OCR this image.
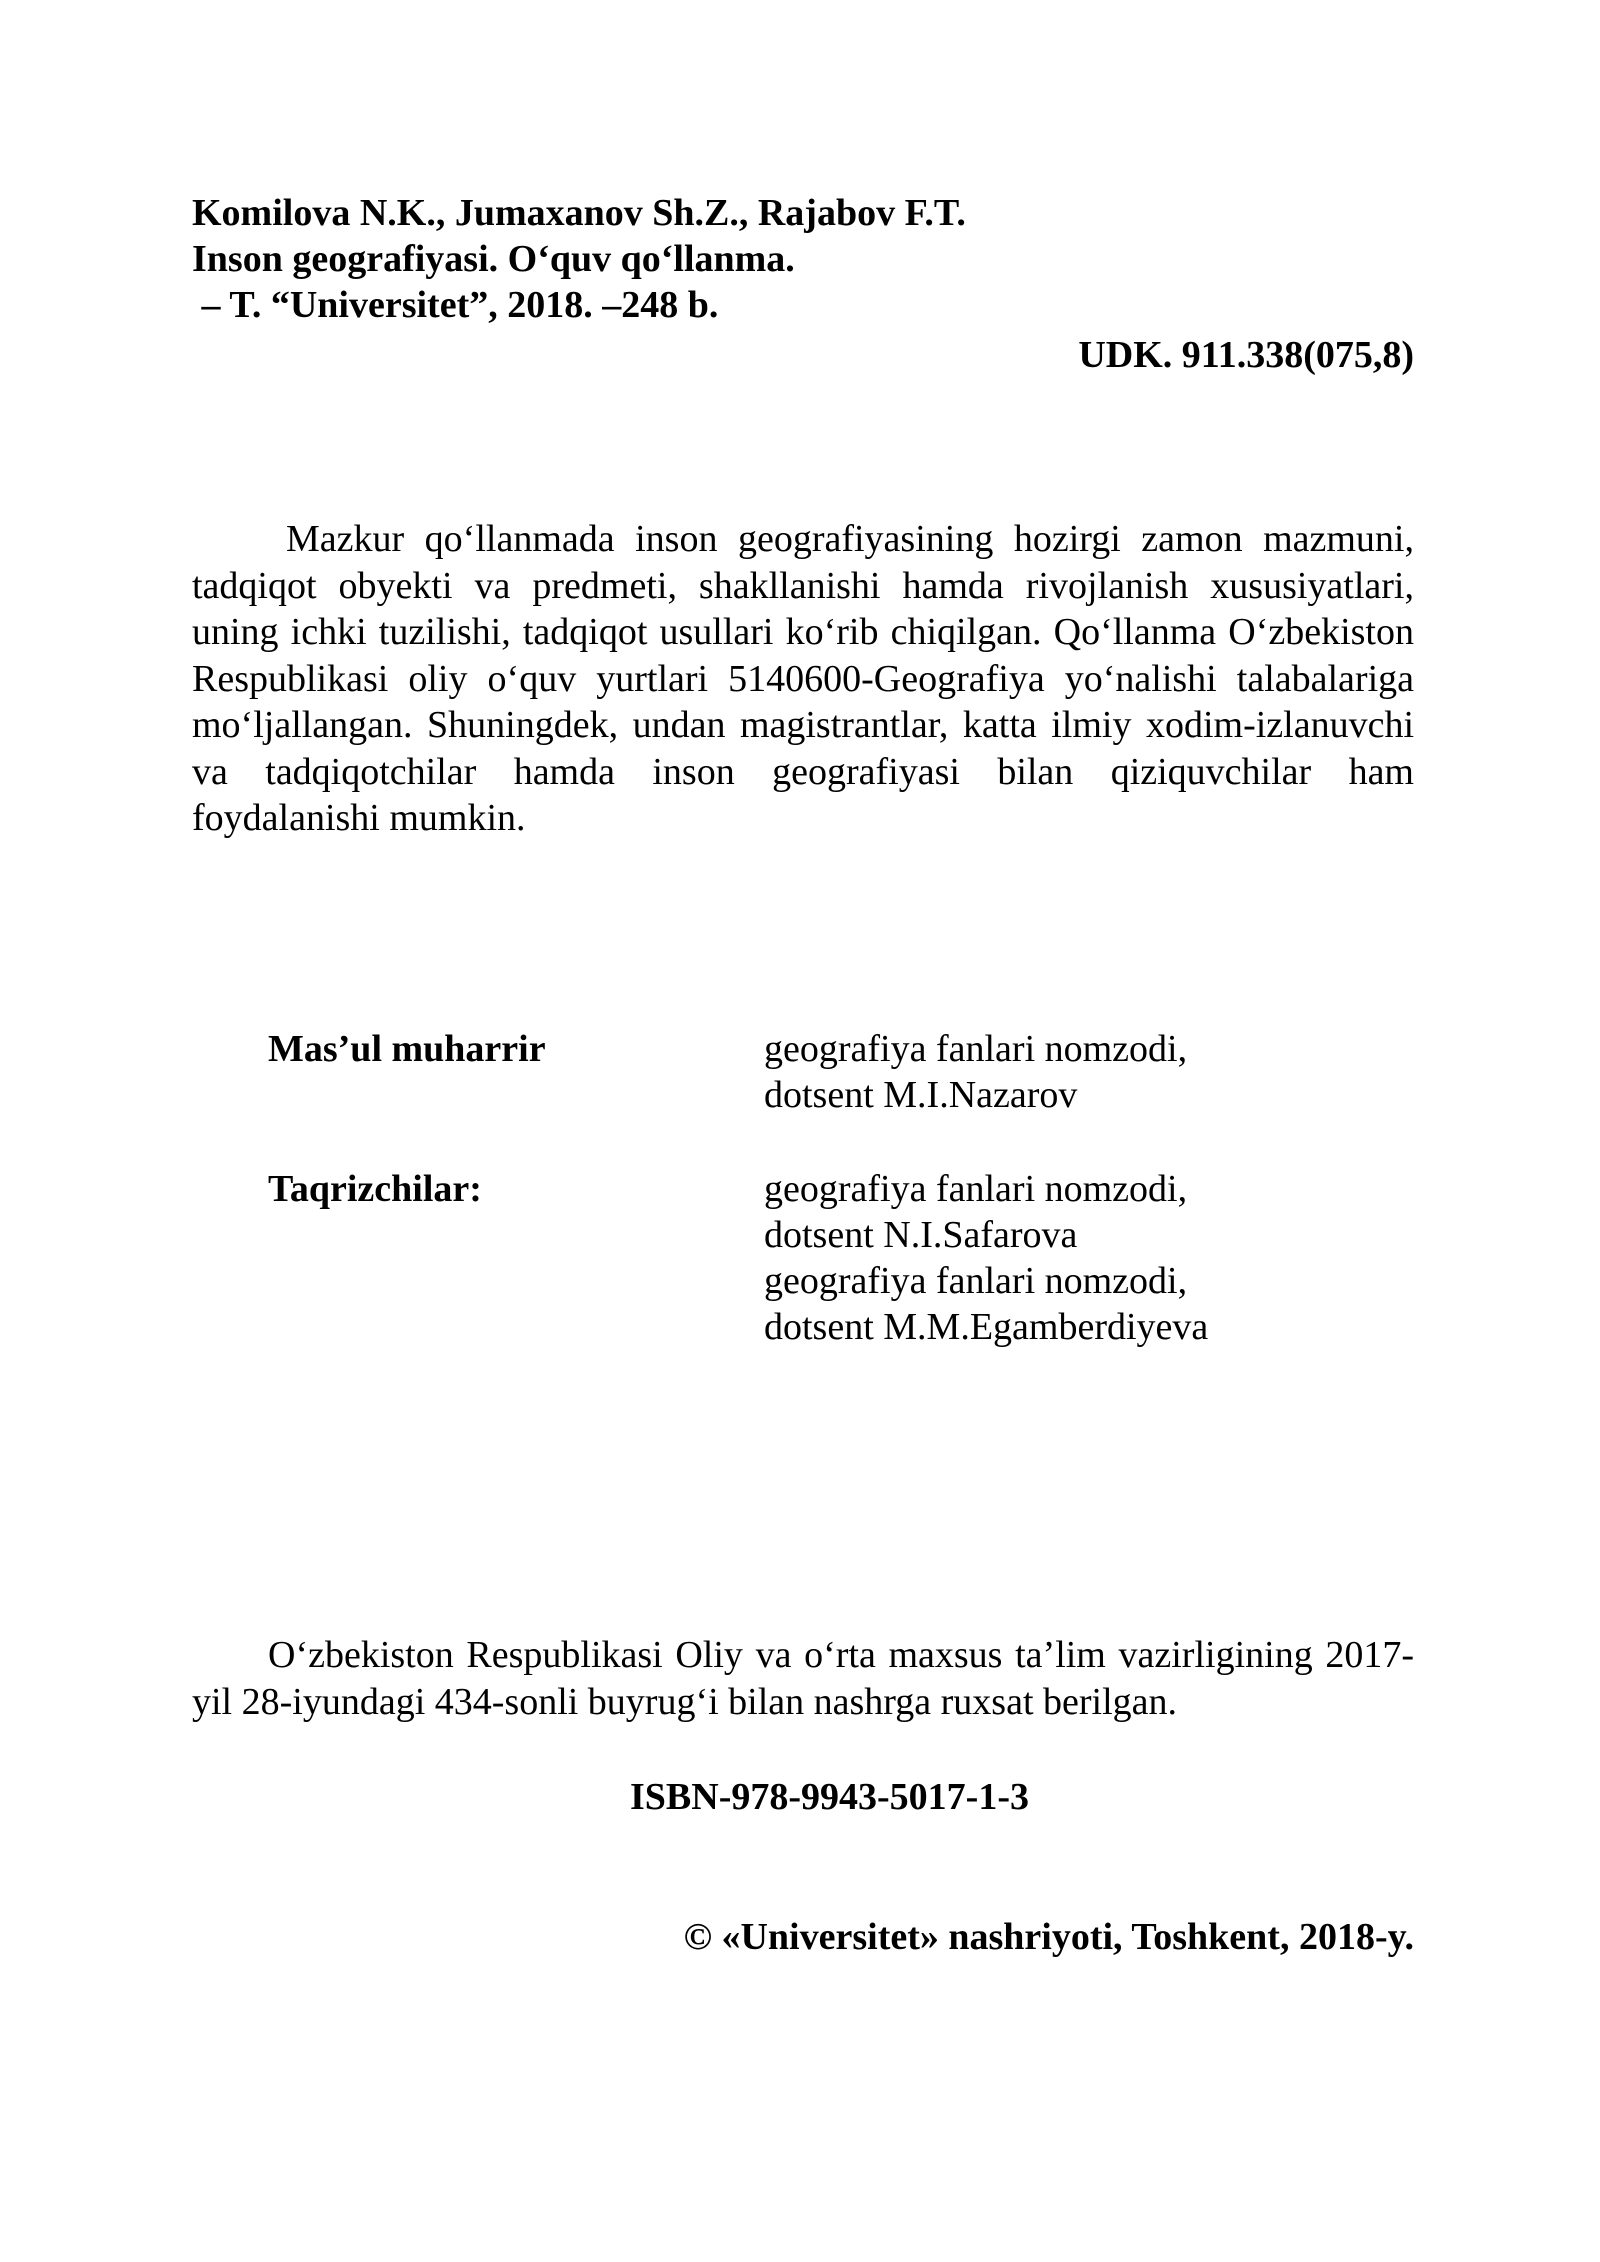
Komilova N.K., Jumaxanov Sh.Z., Rajabov F.T.
Inson geografiyasi. O‘quv qo‘llanma.
– T. “Universitet”, 2018. –248 b.
UDK. 911.338(075,8)

Mazkur qo‘llanmada inson geografiyasining hozirgi zamon mazmuni, tadqiqot obyekti va predmeti, shakllanishi hamda rivojlanish xususiyatlari, uning ichki tuzilishi, tadqiqot usullari ko‘rib chiqilgan. Qo‘llanma O‘zbekiston Respublikasi oliy o‘quv yurtlari 5140600-Geografiya yo‘nalishi talabalariga mo‘ljallangan. Shuningdek, undan magistrantlar, katta ilmiy xodim-izlanuvchi va tadqiqotchilar hamda inson geografiyasi bilan qiziquvchilar ham foydalanishi mumkin.

Mas’ul muharrir	geografiya fanlari nomzodi,
dotsent M.I.Nazarov
Taqrizchilar:	geografiya fanlari nomzodi,
dotsent N.I.Safarova
geografiya fanlari nomzodi,
dotsent M.M.Egamberdiyeva

O‘zbekiston Respublikasi Oliy va o‘rta maxsus ta’lim vazirligining 2017-yil 28-iyundagi 434-sonli buyrug‘i bilan nashrga ruxsat berilgan.

ISBN-978-9943-5017-1-3
© «Universitet» nashriyoti, Toshkent, 2018-y.
